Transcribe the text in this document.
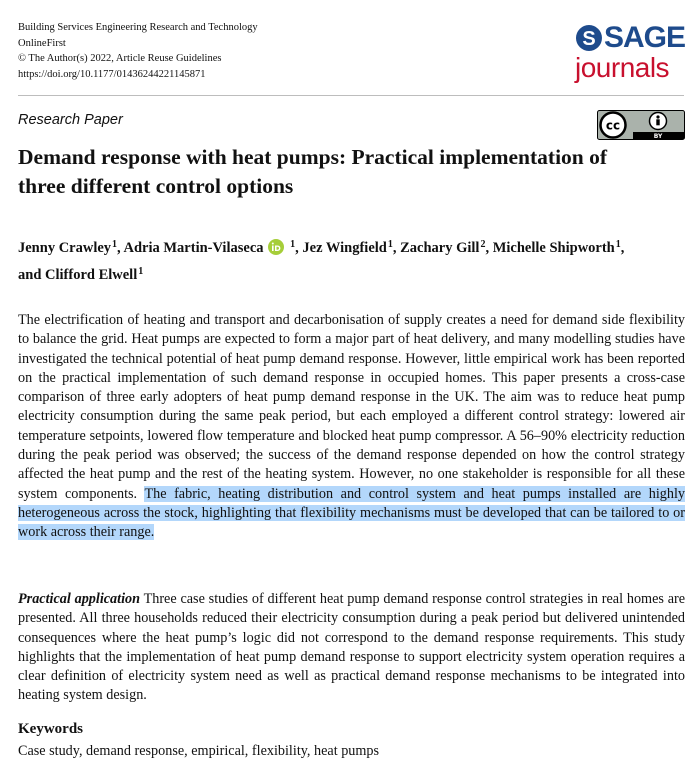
Building Services Engineering Research and Technology
OnlineFirst
© The Author(s) 2022, Article Reuse Guidelines
https://doi.org/10.1177/01436244221145871
S SAGE
journals
Research Paper	cc
BY
Demand response with heat pumps: Practical implementation of three different control options
Jenny Crawley$^1$, Adria Martin-Vilaseca	$^1$, Jez Wingfield$^1$, Zachary Gill$^2$, Michelle Shipworth$^1$, and Clifford Elwell$^1$
The electrification of heating and transport and decarbonisation of supply creates a need for demand side flexibility to balance the grid. Heat pumps are expected to form a major part of heat delivery, and many modelling studies have investigated the technical potential of heat pump demand response. However, little empirical work has been reported on the practical implementation of such demand response in occupied homes. This paper presents a cross-case comparison of three early adopters of heat pump demand response in the UK. The aim was to reduce heat pump electricity consumption during the same peak period, but each employed a different control strategy: lowered air temperature setpoints, lowered flow temperature and blocked heat pump compressor. A 56–90% electricity reduction during the peak period was observed; the success of the demand response depended on how the control strategy affected the heat pump and the rest of the heating system. However, no one stakeholder is responsible for all these system components. The fabric, heating distribution and control system and heat pumps installed are highly heterogeneous across the stock, highlighting that flexibility mechanisms must be developed that can be tailored to or work across their range.
Practical application Three case studies of different heat pump demand response control strategies in real homes are presented. All three households reduced their electricity consumption during a peak period but delivered unintended consequences where the heat pump’s logic did not correspond to the demand response requirements. This study highlights that the implementation of heat pump demand response to support electricity system operation requires a clear definition of electricity system need as well as practical demand response mechanisms to be integrated into heating system design.
Keywords
Case study, demand response, empirical, flexibility, heat pumps
